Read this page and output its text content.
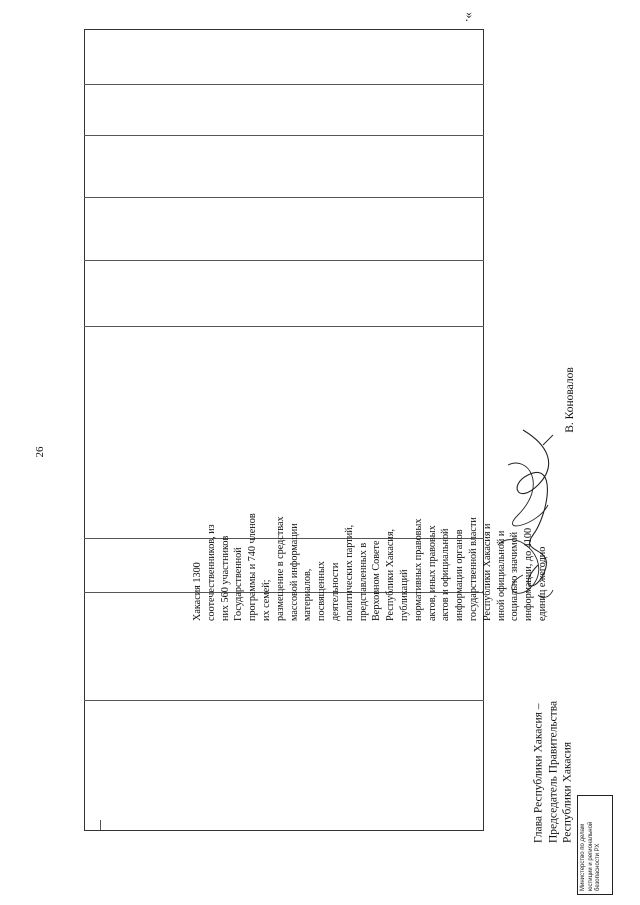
26
».
Хакасия 1300 соотечественников, из них 560 участников Государственной программы и 740 членов их семей; размещение в средствах массовой информации материалов, посвященных деятельности политических партий, представленных в Верховном Совете Республики Хакасия, публикаций нормативных правовых актов, иных правовых актов и официальной информации органов государственной власти Республики Хакасия и иной официальной и социально значимой информации, до 4100 единиц ежегодно
Глава Республики Хакасия – Председатель Правительства Республики Хакасия
В. Коновалов
Министерство по делам юстиции и региональной безопасности РХ
